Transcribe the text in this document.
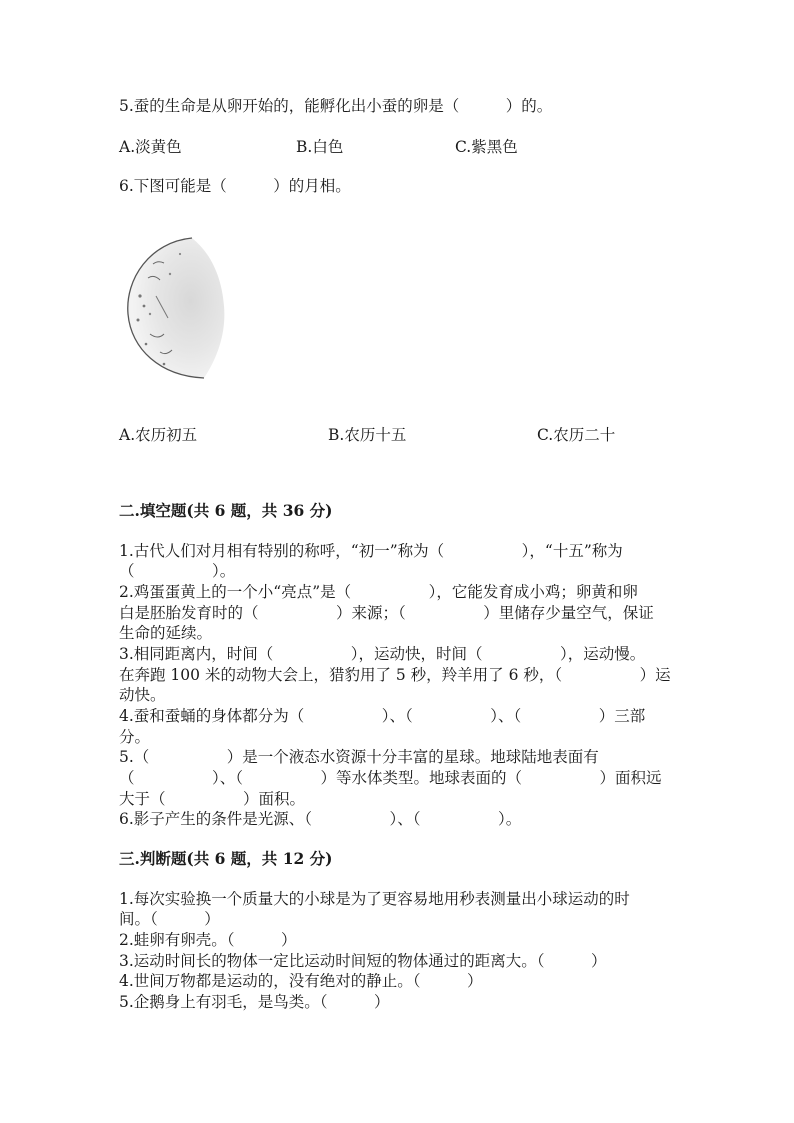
5.蚕的生命是从卵开始的，能孵化出小蚕的卵是（　　　）的。
A.淡黄色	B.白色	C.紫黑色
6.下图可能是（　　　）的月相。
A.农历初五	B.农历十五	C.农历二十
二.填空题(共 6 题，共 36 分)
1.古代人们对月相有特别的称呼，“初一”称为（　　　　　），“十五”称为
（　　　　　）。
2.鸡蛋蛋黄上的一个小“亮点”是（　　　　　），它能发育成小鸡；卵黄和卵
白是胚胎发育时的（　　　　　）来源；（　　　　　）里储存少量空气，保证
生命的延续。
3.相同距离内，时间（　　　　　），运动快，时间（　　　　　），运动慢。
在奔跑 100 米的动物大会上，猎豹用了 5 秒，羚羊用了 6 秒，（　　　　　）运
动快。
4.蚕和蚕蛹的身体都分为（　　　　　）、（　　　　　）、（　　　　　）三部
分。
5.（　　　　　）是一个液态水资源十分丰富的星球。地球陆地表面有
（　　　　　）、（　　　　　）等水体类型。地球表面的（　　　　　）面积远
大于（　　　　　）面积。
6.影子产生的条件是光源、（　　　　　）、（　　　　　）。
三.判断题(共 6 题，共 12 分)
1.每次实验换一个质量大的小球是为了更容易地用秒表测量出小球运动的时
间。（　　　）
2.蛙卵有卵壳。（　　　）
3.运动时间长的物体一定比运动时间短的物体通过的距离大。（　　　）
4.世间万物都是运动的，没有绝对的静止。（　　　）
5.企鹅身上有羽毛，是鸟类。（　　　）
